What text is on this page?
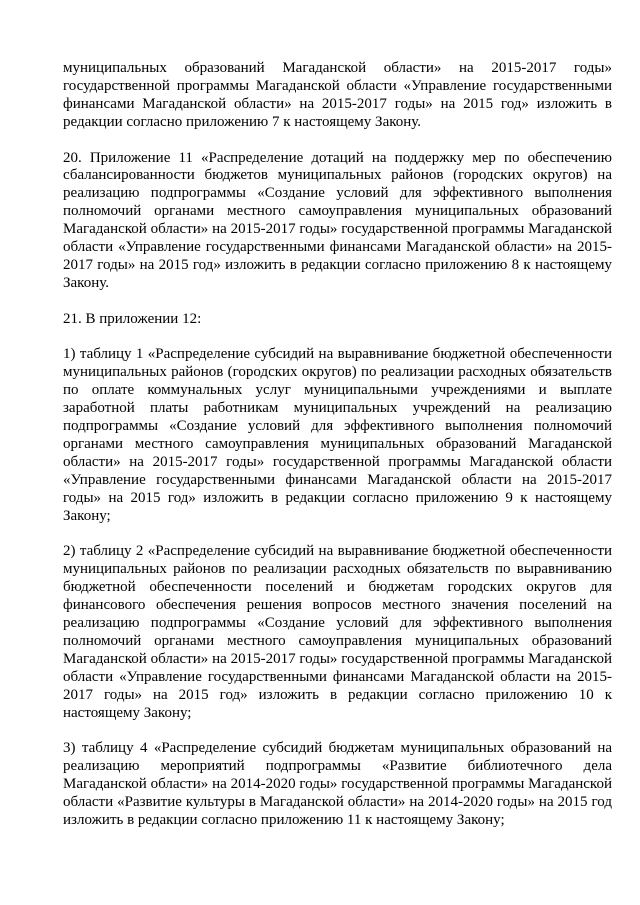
муниципальных образований Магаданской области» на 2015-2017 годы» государственной программы Магаданской области «Управление государственными финансами Магаданской области» на 2015-2017 годы» на 2015 год» изложить в редакции согласно приложению 7 к настоящему Закону.

20. Приложение 11 «Распределение дотаций на поддержку мер по обеспечению сбалансированности бюджетов муниципальных районов (городских округов) на реализацию подпрограммы «Создание условий для эффективного выполнения полномочий органами местного самоуправления муниципальных образований Магаданской области» на 2015-2017 годы» государственной программы Магаданской области «Управление государственными финансами Магаданской области» на 2015-2017 годы» на 2015 год» изложить в редакции согласно приложению 8 к настоящему Закону.

21. В приложении 12:

1) таблицу 1 «Распределение субсидий на выравнивание бюджетной обеспеченности муниципальных районов (городских округов) по реализации расходных обязательств по оплате коммунальных услуг муниципальными учреждениями и выплате заработной платы работникам муниципальных учреждений на реализацию подпрограммы «Создание условий для эффективного выполнения полномочий органами местного самоуправления муниципальных образований Магаданской области» на 2015-2017 годы» государственной программы Магаданской области «Управление государственными финансами Магаданской области на 2015-2017 годы» на 2015 год» изложить в редакции согласно приложению 9 к настоящему Закону;

2) таблицу 2 «Распределение субсидий на выравнивание бюджетной обеспеченности муниципальных районов по реализации расходных обязательств по выравниванию бюджетной обеспеченности поселений и бюджетам городских округов для финансового обеспечения решения вопросов местного значения поселений на реализацию подпрограммы «Создание условий для эффективного выполнения полномочий органами местного самоуправления муниципальных образований Магаданской области» на 2015-2017 годы» государственной программы Магаданской области «Управление государственными финансами Магаданской области на 2015-2017 годы» на 2015 год» изложить в редакции согласно приложению 10 к настоящему Закону;

3) таблицу 4 «Распределение субсидий бюджетам муниципальных образований на реализацию мероприятий подпрограммы «Развитие библиотечного дела Магаданской области» на 2014-2020 годы» государственной программы Магаданской области «Развитие культуры в Магаданской области» на 2014-2020 годы» на 2015 год изложить в редакции согласно приложению 11 к настоящему Закону;
